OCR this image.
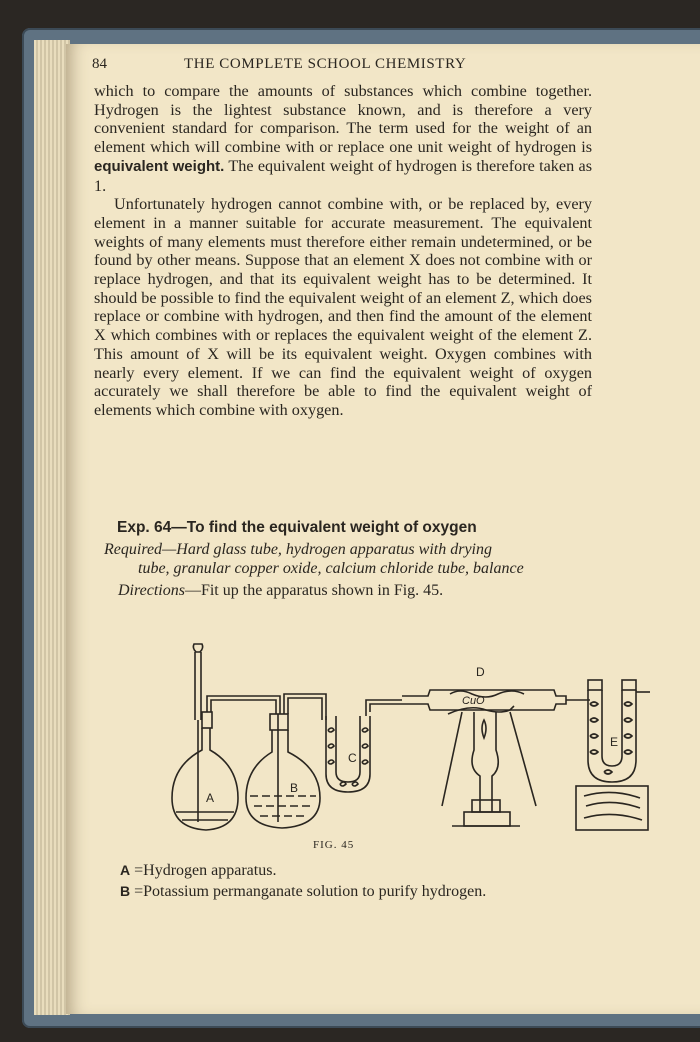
84	THE COMPLETE SCHOOL CHEMISTRY

which to compare the amounts of substances which combine together. Hydrogen is the lightest substance known, and is therefore a very convenient standard for comparison. The term used for the weight of an element which will combine with or replace one unit weight of hydrogen is equivalent weight. The equivalent weight of hydrogen is therefore taken as 1.

Unfortunately hydrogen cannot combine with, or be replaced by, every element in a manner suitable for accurate measurement. The equivalent weights of many elements must therefore either remain undetermined, or be found by other means. Suppose that an element X does not combine with or replace hydrogen, and that its equivalent weight has to be determined. It should be possible to find the equivalent weight of an element Z, which does replace or combine with hydrogen, and then find the amount of the element X which combines with or replaces the equivalent weight of the element Z. This amount of X will be its equivalent weight. Oxygen combines with nearly every element. If we can find the equivalent weight of oxygen accurately we shall therefore be able to find the equivalent weight of elements which combine with oxygen.

Exp. 64—To find the equivalent weight of oxygen
Required—Hard glass tube, hydrogen apparatus with drying
tube, granular copper oxide, calcium chloride tube, balance
Directions—Fit up the apparatus shown in Fig. 45.
A
B
C
D
E
CuO
FIG. 45
A =Hydrogen apparatus.
B =Potassium permanganate solution to purify hydrogen.
